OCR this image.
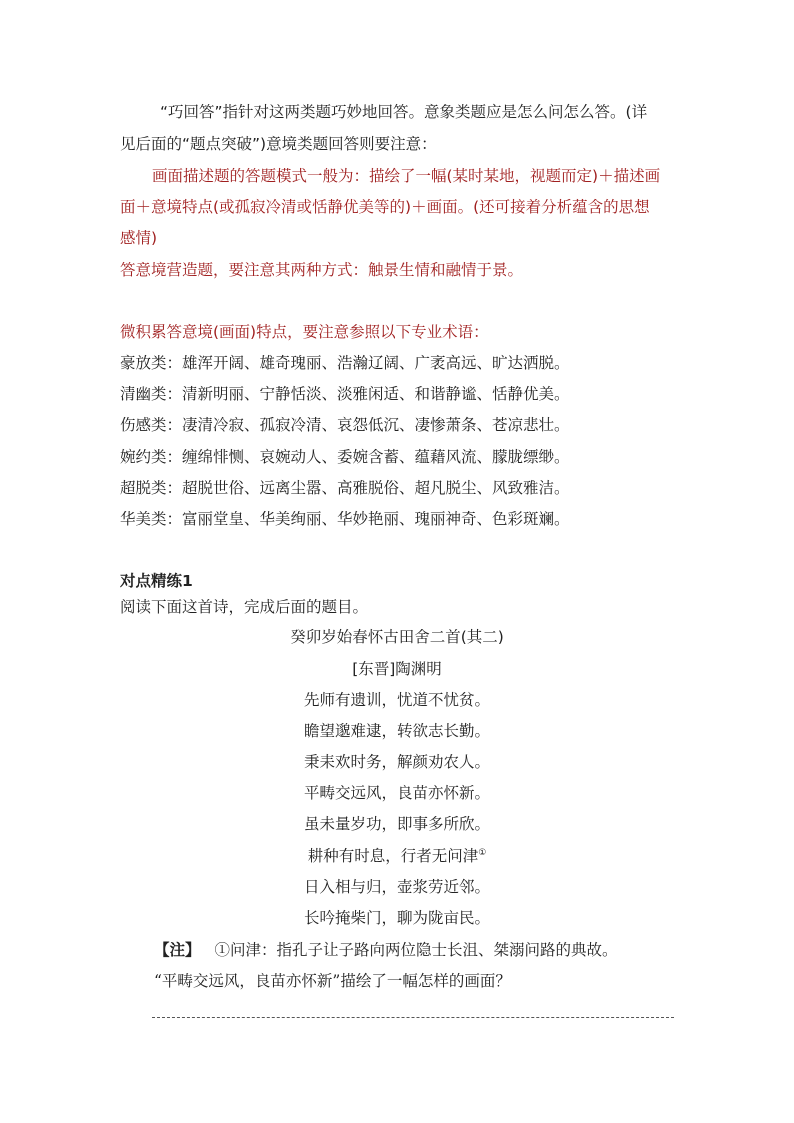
“巧回答”指针对这两类题巧妙地回答。意象类题应是怎么问怎么答。(详
见后面的“题点突破”)意境类题回答则要注意：
画面描述题的答题模式一般为：描绘了一幅(某时某地，视题而定)＋描述画
面＋意境特点(或孤寂冷清或恬静优美等的)＋画面。(还可接着分析蕴含的思想
感情)
答意境营造题，要注意其两种方式：触景生情和融情于景。
微积累答意境(画面)特点，要注意参照以下专业术语：
豪放类：雄浑开阔、雄奇瑰丽、浩瀚辽阔、广袤高远、旷达洒脱。
清幽类：清新明丽、宁静恬淡、淡雅闲适、和谐静谧、恬静优美。
伤感类：凄清冷寂、孤寂冷清、哀怨低沉、凄惨萧条、苍凉悲壮。
婉约类：缠绵悱恻、哀婉动人、委婉含蓄、蕴藉风流、朦胧缥缈。
超脱类：超脱世俗、远离尘嚣、高雅脱俗、超凡脱尘、风致雅洁。
华美类：富丽堂皇、华美绚丽、华妙艳丽、瑰丽神奇、色彩斑斓。
对点精练1
阅读下面这首诗，完成后面的题目。
癸卯岁始春怀古田舍二首(其二)
[东晋]陶渊明
先师有遗训，忧道不忧贫。
瞻望邈难逮，转欲志长勤。
秉耒欢时务，解颜劝农人。
平畴交远风，良苗亦怀新。
虽未量岁功，即事多所欣。
耕种有时息，行者无问津①
日入相与归，壶浆劳近邻。
长吟掩柴门，聊为陇亩民。
【注】 ①问津：指孔子让子路向两位隐士长沮、桀溺问路的典故。
“平畴交远风，良苗亦怀新”描绘了一幅怎样的画面？
